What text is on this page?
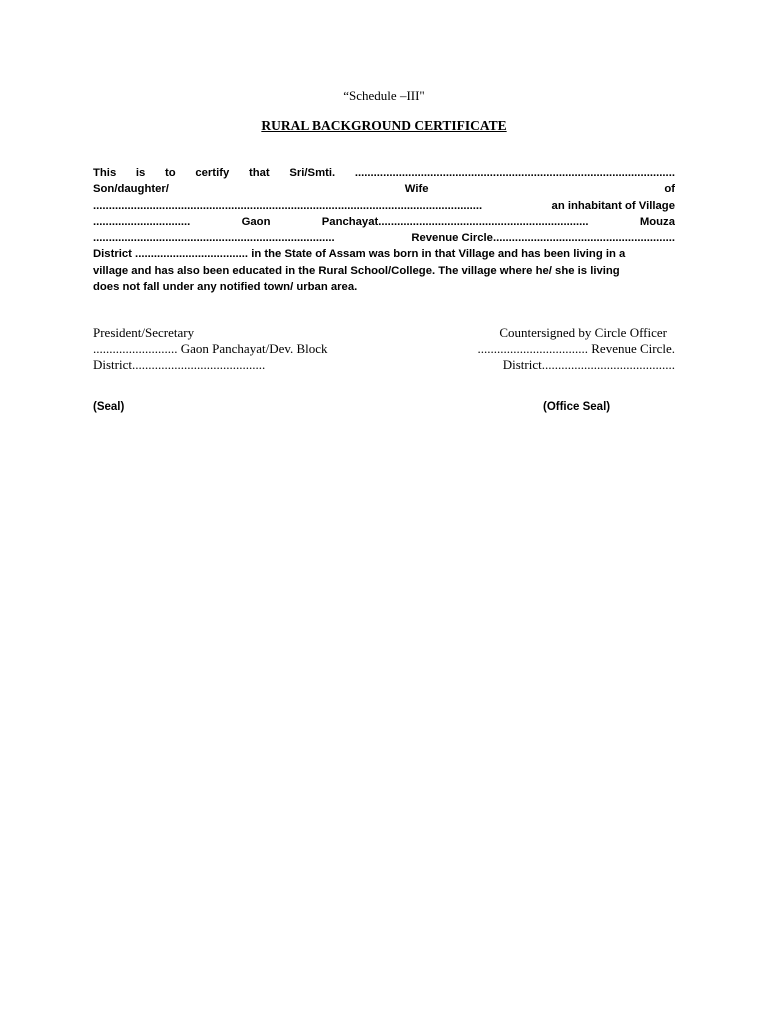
“Schedule –III"
RURAL BACKGROUND CERTIFICATE
This is to certify that Sri/Smti. ......................................................................................................
Son/daughter/	Wife	of
............................................................................................................................	an inhabitant of Village
...............................	Gaon	Panchayat...................................................................	Mouza
.............................................................................	Revenue Circle..........................................................
District .................................... in the State of Assam was born in that Village and has been living in a
village and has also been educated in the Rural School/College. The village where he/ she is living
does not fall under any notified town/ urban area.
President/Secretary
.......................... Gaon Panchayat/Dev. Block
District.........................................
Countersigned by Circle Officer
.................................. Revenue Circle.
District.........................................
(Seal)	(Office Seal)
